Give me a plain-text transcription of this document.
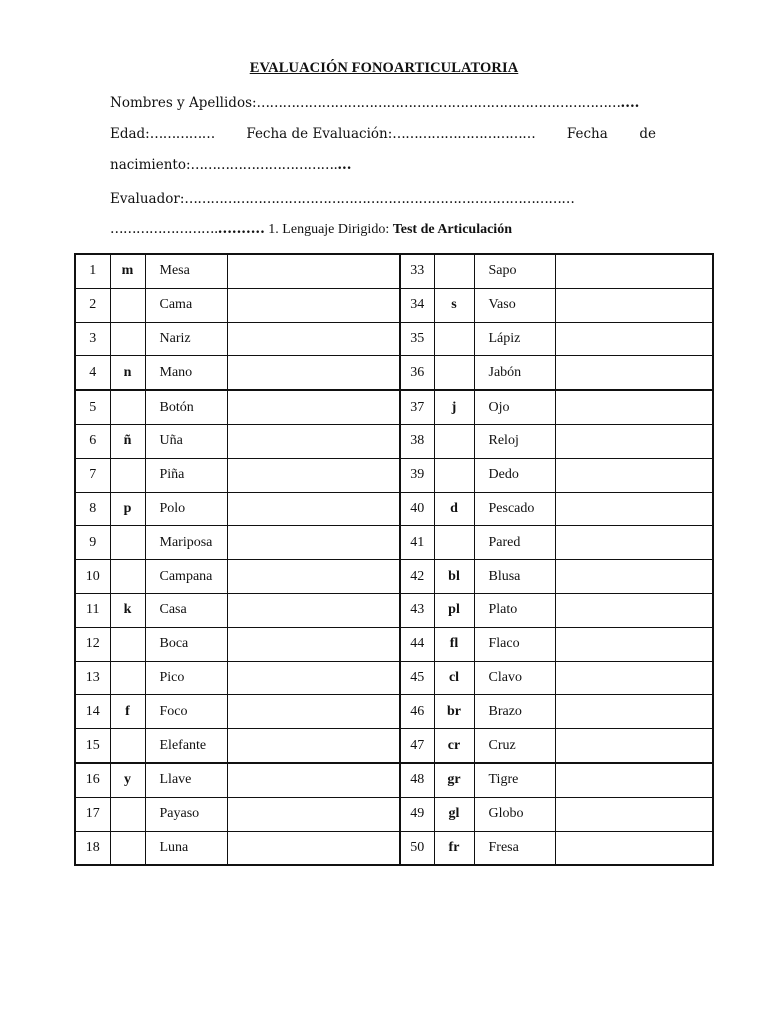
EVALUACIÓN FONOARTICULATORIA
Nombres y Apellidos:…………………………………………………………………………....
Edad:…………… Fecha de Evaluación:…………………………… Fecha de
nacimiento:……………………………....
Evaluador:………………………………………………………………………………
……………………........... 1. Lenguaje Dirigido: Test de Articulación
1	m	Mesa		33		Sapo	
2		Cama		34	s	Vaso	
3		Nariz		35		Lápiz	
4	n	Mano		36		Jabón	
5		Botón		37	j	Ojo	
6	ñ	Uña		38		Reloj	
7		Piña		39		Dedo	
8	p	Polo		40	d	Pescado	
9		Mariposa		41		Pared	
10		Campana		42	bl	Blusa	
11	k	Casa		43	pl	Plato	
12		Boca		44	fl	Flaco	
13		Pico		45	cl	Clavo	
14	f	Foco		46	br	Brazo	
15		Elefante		47	cr	Cruz	
16	y	Llave		48	gr	Tigre	
17		Payaso		49	gl	Globo	
18		Luna		50	fr	Fresa	
